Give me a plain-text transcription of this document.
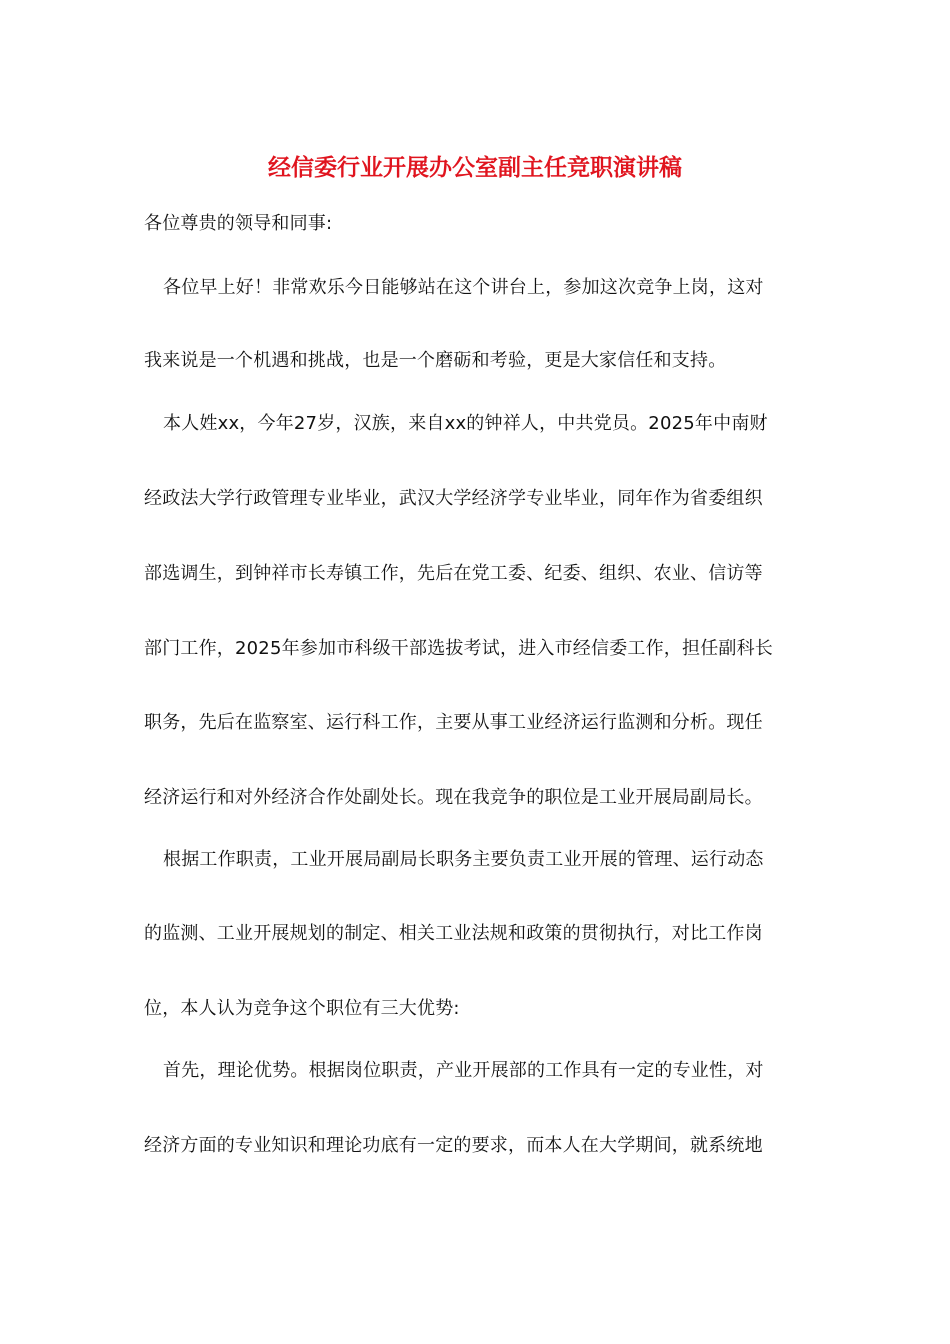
经信委行业开展办公室副主任竞职演讲稿
各位尊贵的领导和同事:
各位早上好！非常欢乐今日能够站在这个讲台上，参加这次竞争上岗，这对
我来说是一个机遇和挑战，也是一个磨砺和考验，更是大家信任和支持。
本人姓xx，今年27岁，汉族，来自xx的钟祥人，中共党员。2025年中南财
经政法大学行政管理专业毕业，武汉大学经济学专业毕业，同年作为省委组织
部选调生，到钟祥市长寿镇工作，先后在党工委、纪委、组织、农业、信访等
部门工作，2025年参加市科级干部选拔考试，进入市经信委工作，担任副科长
职务，先后在监察室、运行科工作，主要从事工业经济运行监测和分析。现任
经济运行和对外经济合作处副处长。现在我竞争的职位是工业开展局副局长。
根据工作职责，工业开展局副局长职务主要负责工业开展的管理、运行动态
的监测、工业开展规划的制定、相关工业法规和政策的贯彻执行，对比工作岗
位，本人认为竞争这个职位有三大优势:
首先，理论优势。根据岗位职责，产业开展部的工作具有一定的专业性，对
经济方面的专业知识和理论功底有一定的要求，而本人在大学期间，就系统地
